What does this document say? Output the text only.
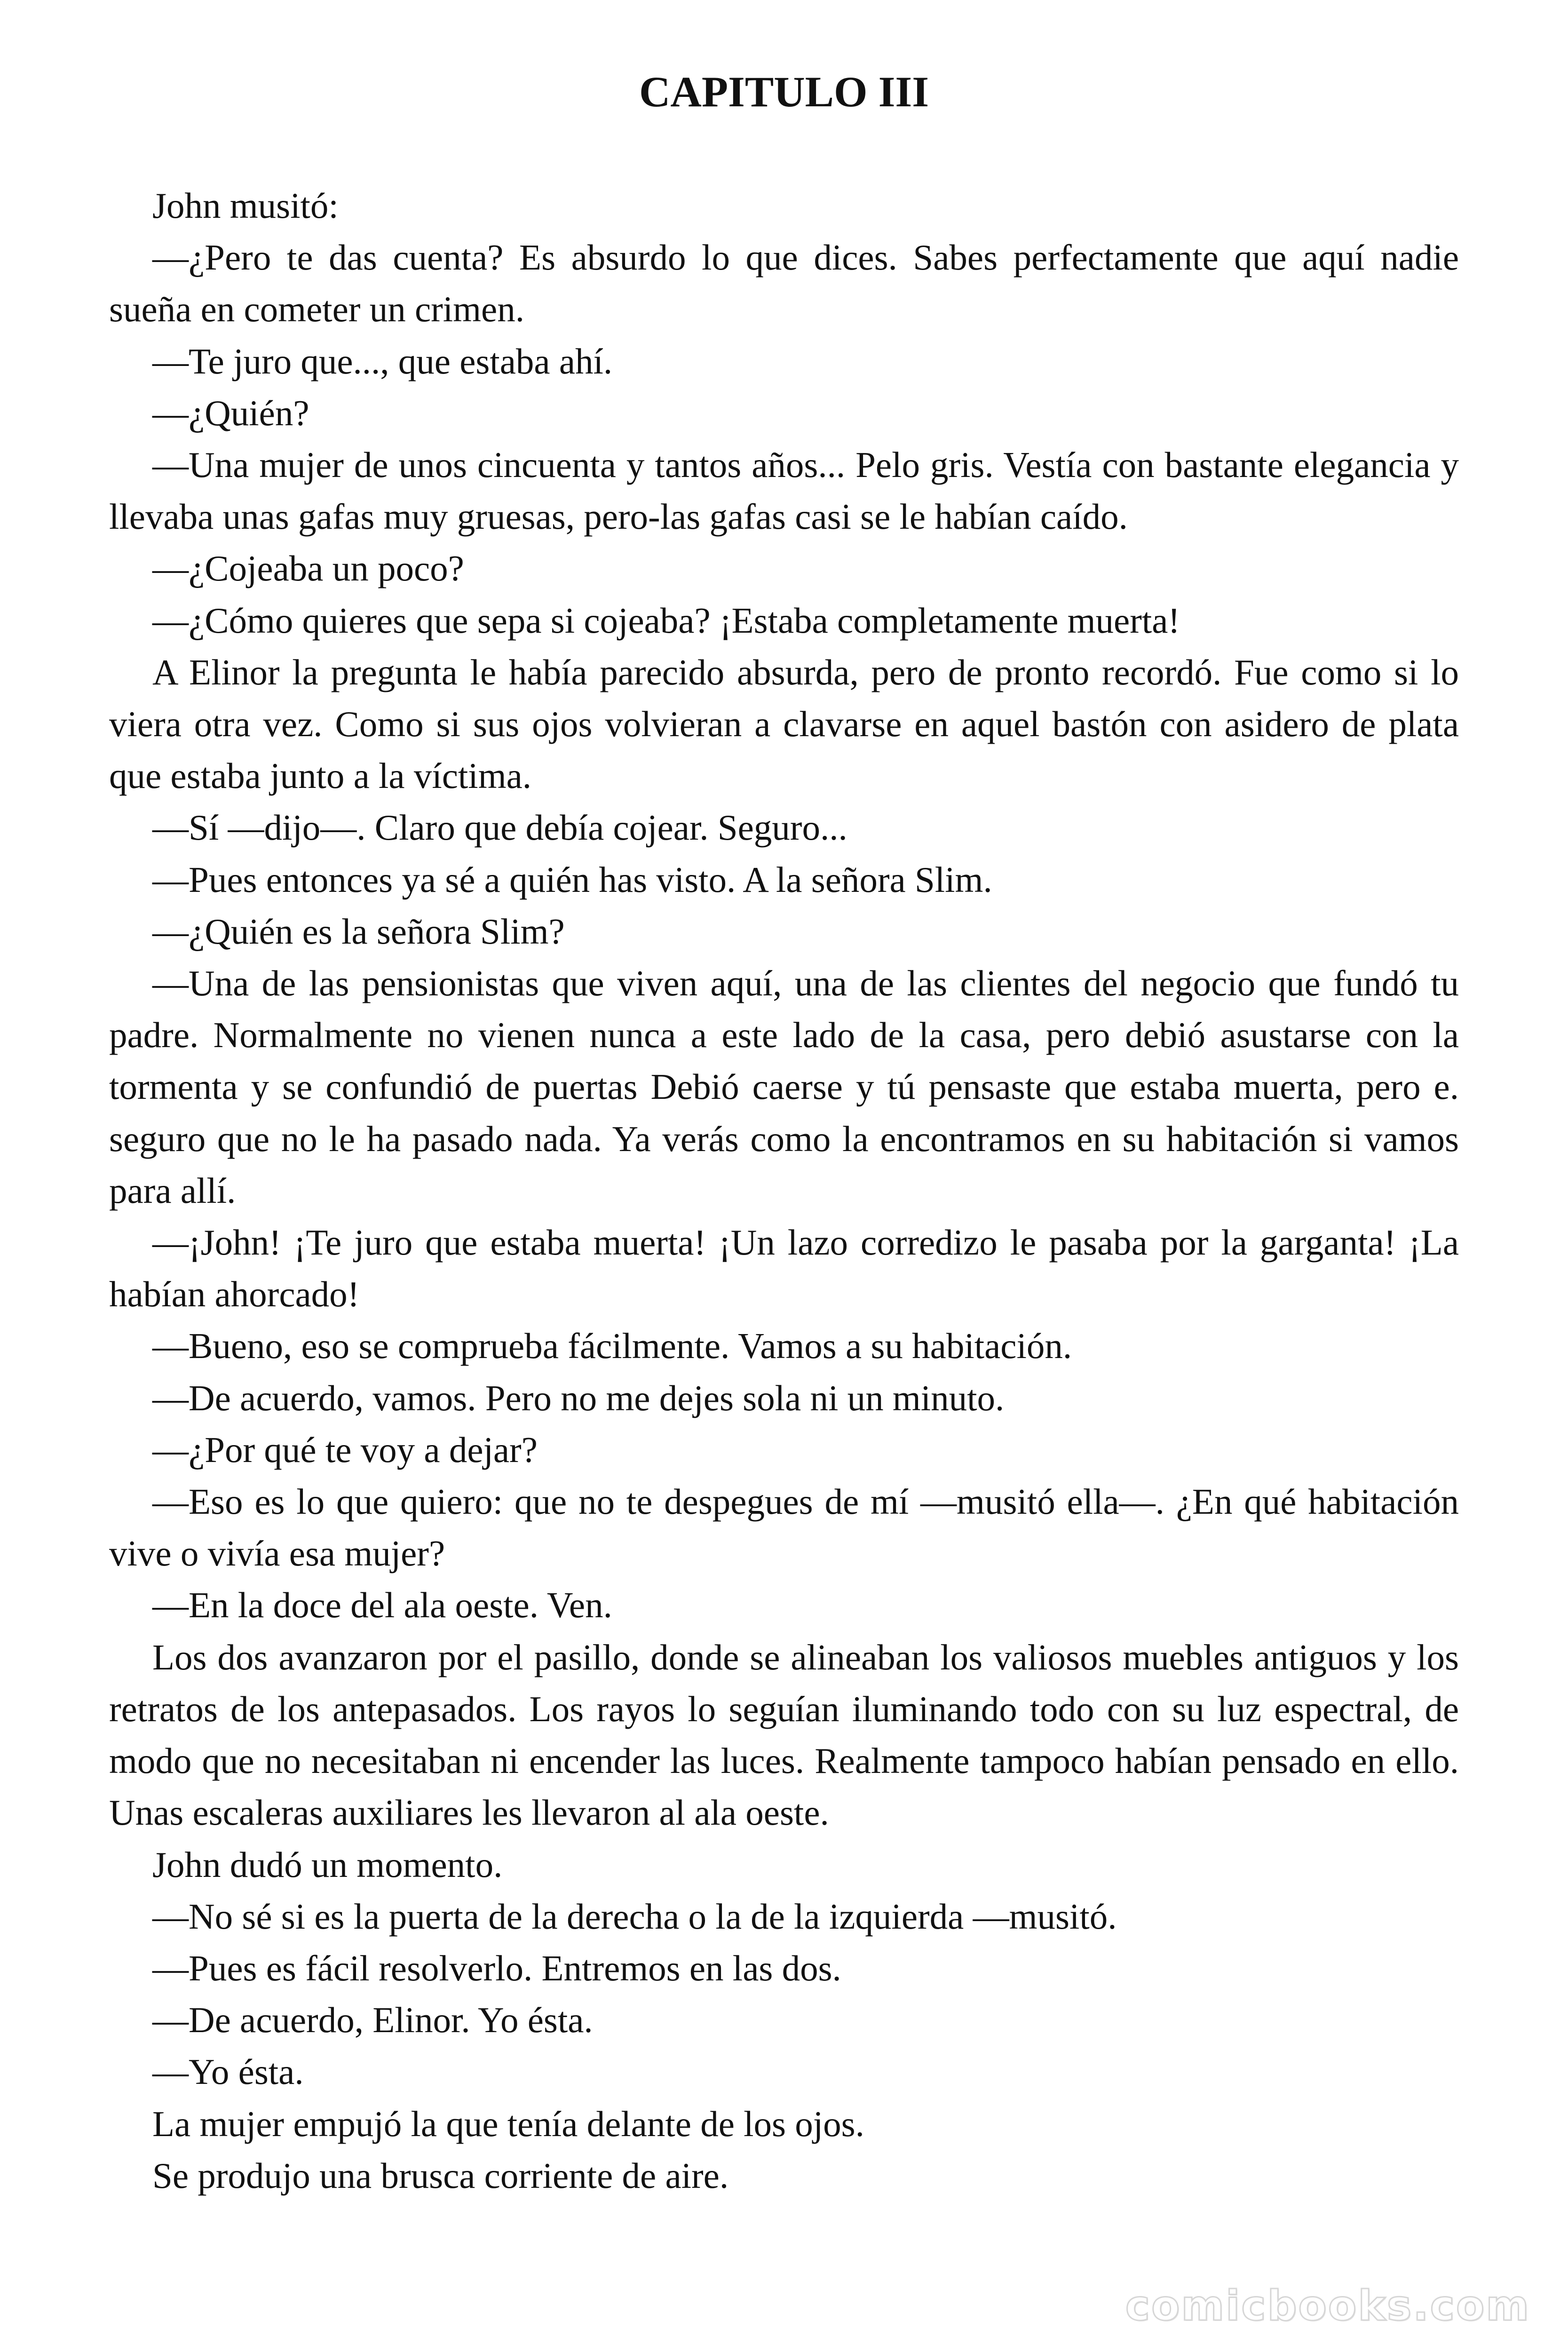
CAPITULO III

John musitó:

—¿Pero te das cuenta? Es absurdo lo que dices. Sabes perfectamente que aquí nadie sueña en cometer un crimen.

—Te juro que..., que estaba ahí.

—¿Quién?

—Una mujer de unos cincuenta y tantos años... Pelo gris. Vestía con bastante elegancia y llevaba unas gafas muy gruesas, pero-las gafas casi se le habían caído.

—¿Cojeaba un poco?

—¿Cómo quieres que sepa si cojeaba? ¡Estaba completamente muerta!

A Elinor la pregunta le había parecido absurda, pero de pronto recordó. Fue como si lo viera otra vez. Como si sus ojos volvieran a clavarse en aquel bastón con asidero de plata que estaba junto a la víctima.

—Sí —dijo—. Claro que debía cojear. Seguro...

—Pues entonces ya sé a quién has visto. A la señora Slim.

—¿Quién es la señora Slim?

—Una de las pensionistas que viven aquí, una de las clientes del negocio que fundó tu padre. Normalmente no vienen nunca a este lado de la casa, pero debió asustarse con la tormenta y se confundió de puertas Debió caerse y tú pensaste que estaba muerta, pero e. seguro que no le ha pasado nada. Ya verás como la encontramos en su habitación si vamos para allí.

—¡John! ¡Te juro que estaba muerta! ¡Un lazo corredizo le pasaba por la garganta! ¡La habían ahorcado!

—Bueno, eso se comprueba fácilmente. Vamos a su habitación.

—De acuerdo, vamos. Pero no me dejes sola ni un minuto.

—¿Por qué te voy a dejar?

—Eso es lo que quiero: que no te despegues de mí —musitó ella—. ¿En qué habitación vive o vivía esa mujer?

—En la doce del ala oeste. Ven.

Los dos avanzaron por el pasillo, donde se alineaban los valiosos muebles antiguos y los retratos de los antepasados. Los rayos lo seguían iluminando todo con su luz espectral, de modo que no necesitaban ni encender las luces. Realmente tampoco habían pensado en ello. Unas escaleras auxiliares les llevaron al ala oeste.

John dudó un momento.

—No sé si es la puerta de la derecha o la de la izquierda —musitó.

—Pues es fácil resolverlo. Entremos en las dos.

—De acuerdo, Elinor. Yo ésta.

—Yo ésta.

La mujer empujó la que tenía delante de los ojos.

Se produjo una brusca corriente de aire.

comicbooks.com
